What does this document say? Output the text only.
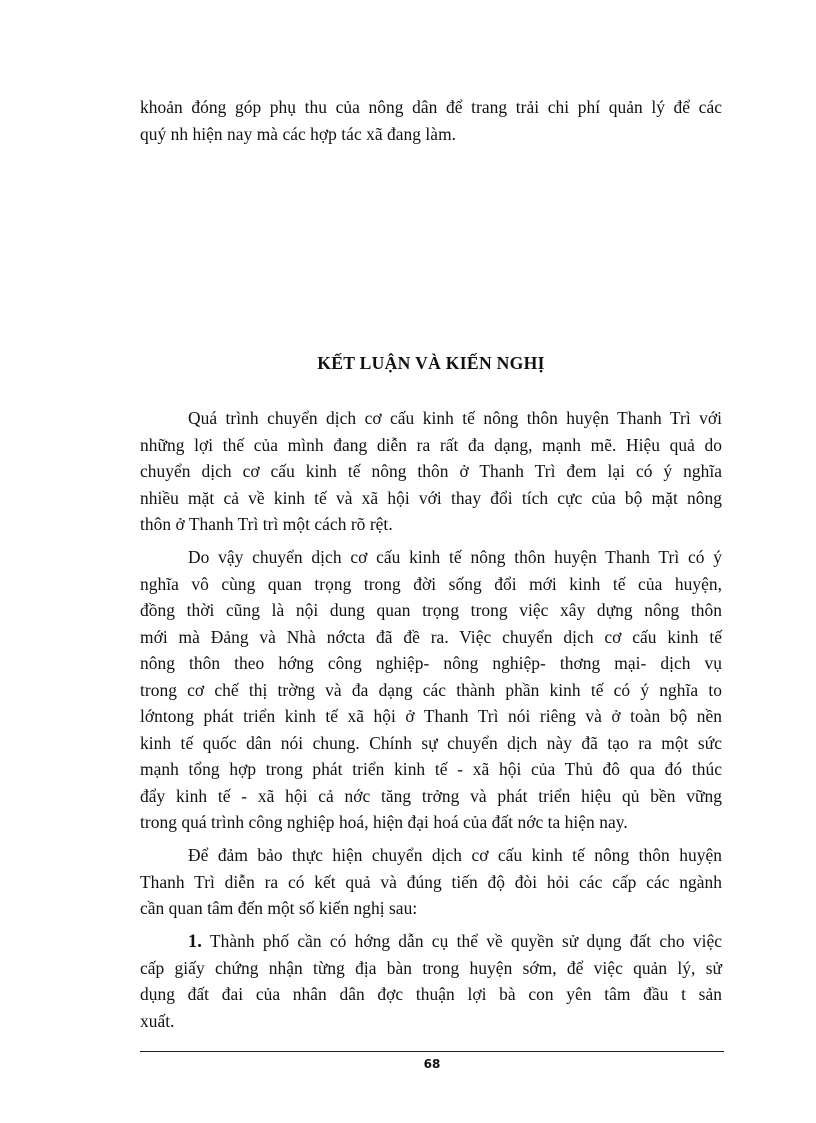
khoản đóng góp phụ thu của nông dân để trang trải chi phí quản lý để các
quý nh hiện nay mà các hợp tác xã đang làm.
KẾT LUẬN VÀ KIẾN NGHỊ
Quá trình chuyển dịch cơ cấu kinh tế nông thôn huyện Thanh Trì với
những lợi thế của mình đang diễn ra rất đa dạng, mạnh mẽ. Hiệu quả do
chuyển dịch cơ cấu kinh tế nông thôn ở Thanh Trì đem lại có ý nghĩa
nhiều mặt cả về kinh tế và xã hội với thay đổi tích cực của bộ mặt nông
thôn ở Thanh Trì trì một cách rõ rệt.
Do vậy chuyển dịch cơ cấu kinh tế nông thôn huyện Thanh Trì có ý
nghĩa vô cùng quan trọng trong đời sống đổi mới kinh tế của huyện,
đồng thời cũng là nội dung quan trọng trong việc xây dựng nông thôn
mới mà Đảng và Nhà nớcta đã đề ra. Việc chuyển dịch cơ cấu kinh tế
nông thôn theo hớng công nghiệp- nông nghiệp- thơng mại- dịch vụ
trong cơ chế thị trờng và đa dạng các thành phần kinh tế có ý nghĩa to
lớntong phát triển kinh tế xã hội ở Thanh Trì nói riêng và ở toàn bộ nền
kinh tế quốc dân nói chung. Chính sự chuyển dịch này đã tạo ra một sức
mạnh tổng hợp trong phát triển kinh tế - xã hội của Thủ đô qua đó thúc
đẩy kinh tế - xã hội cả nớc tăng trởng và phát triển hiệu qủ bền vững
trong quá trình công nghiệp hoá, hiện đại hoá của đất nớc ta hiện nay.
Để đảm bảo thực hiện chuyển dịch cơ cấu kinh tế nông thôn huyện
Thanh Trì diễn ra có kết quả và đúng tiến độ đòi hỏi các cấp các ngành
cần quan tâm đến một số kiến nghị sau:
1. Thành phố cần có hớng dẫn cụ thể về quyền sử dụng đất cho việc
cấp giấy chứng nhận từng địa bàn trong huyện sớm, để việc quản lý, sử
dụng đất đai của nhân dân đợc thuận lợi bà con yên tâm đầu t sản
xuất.
68
